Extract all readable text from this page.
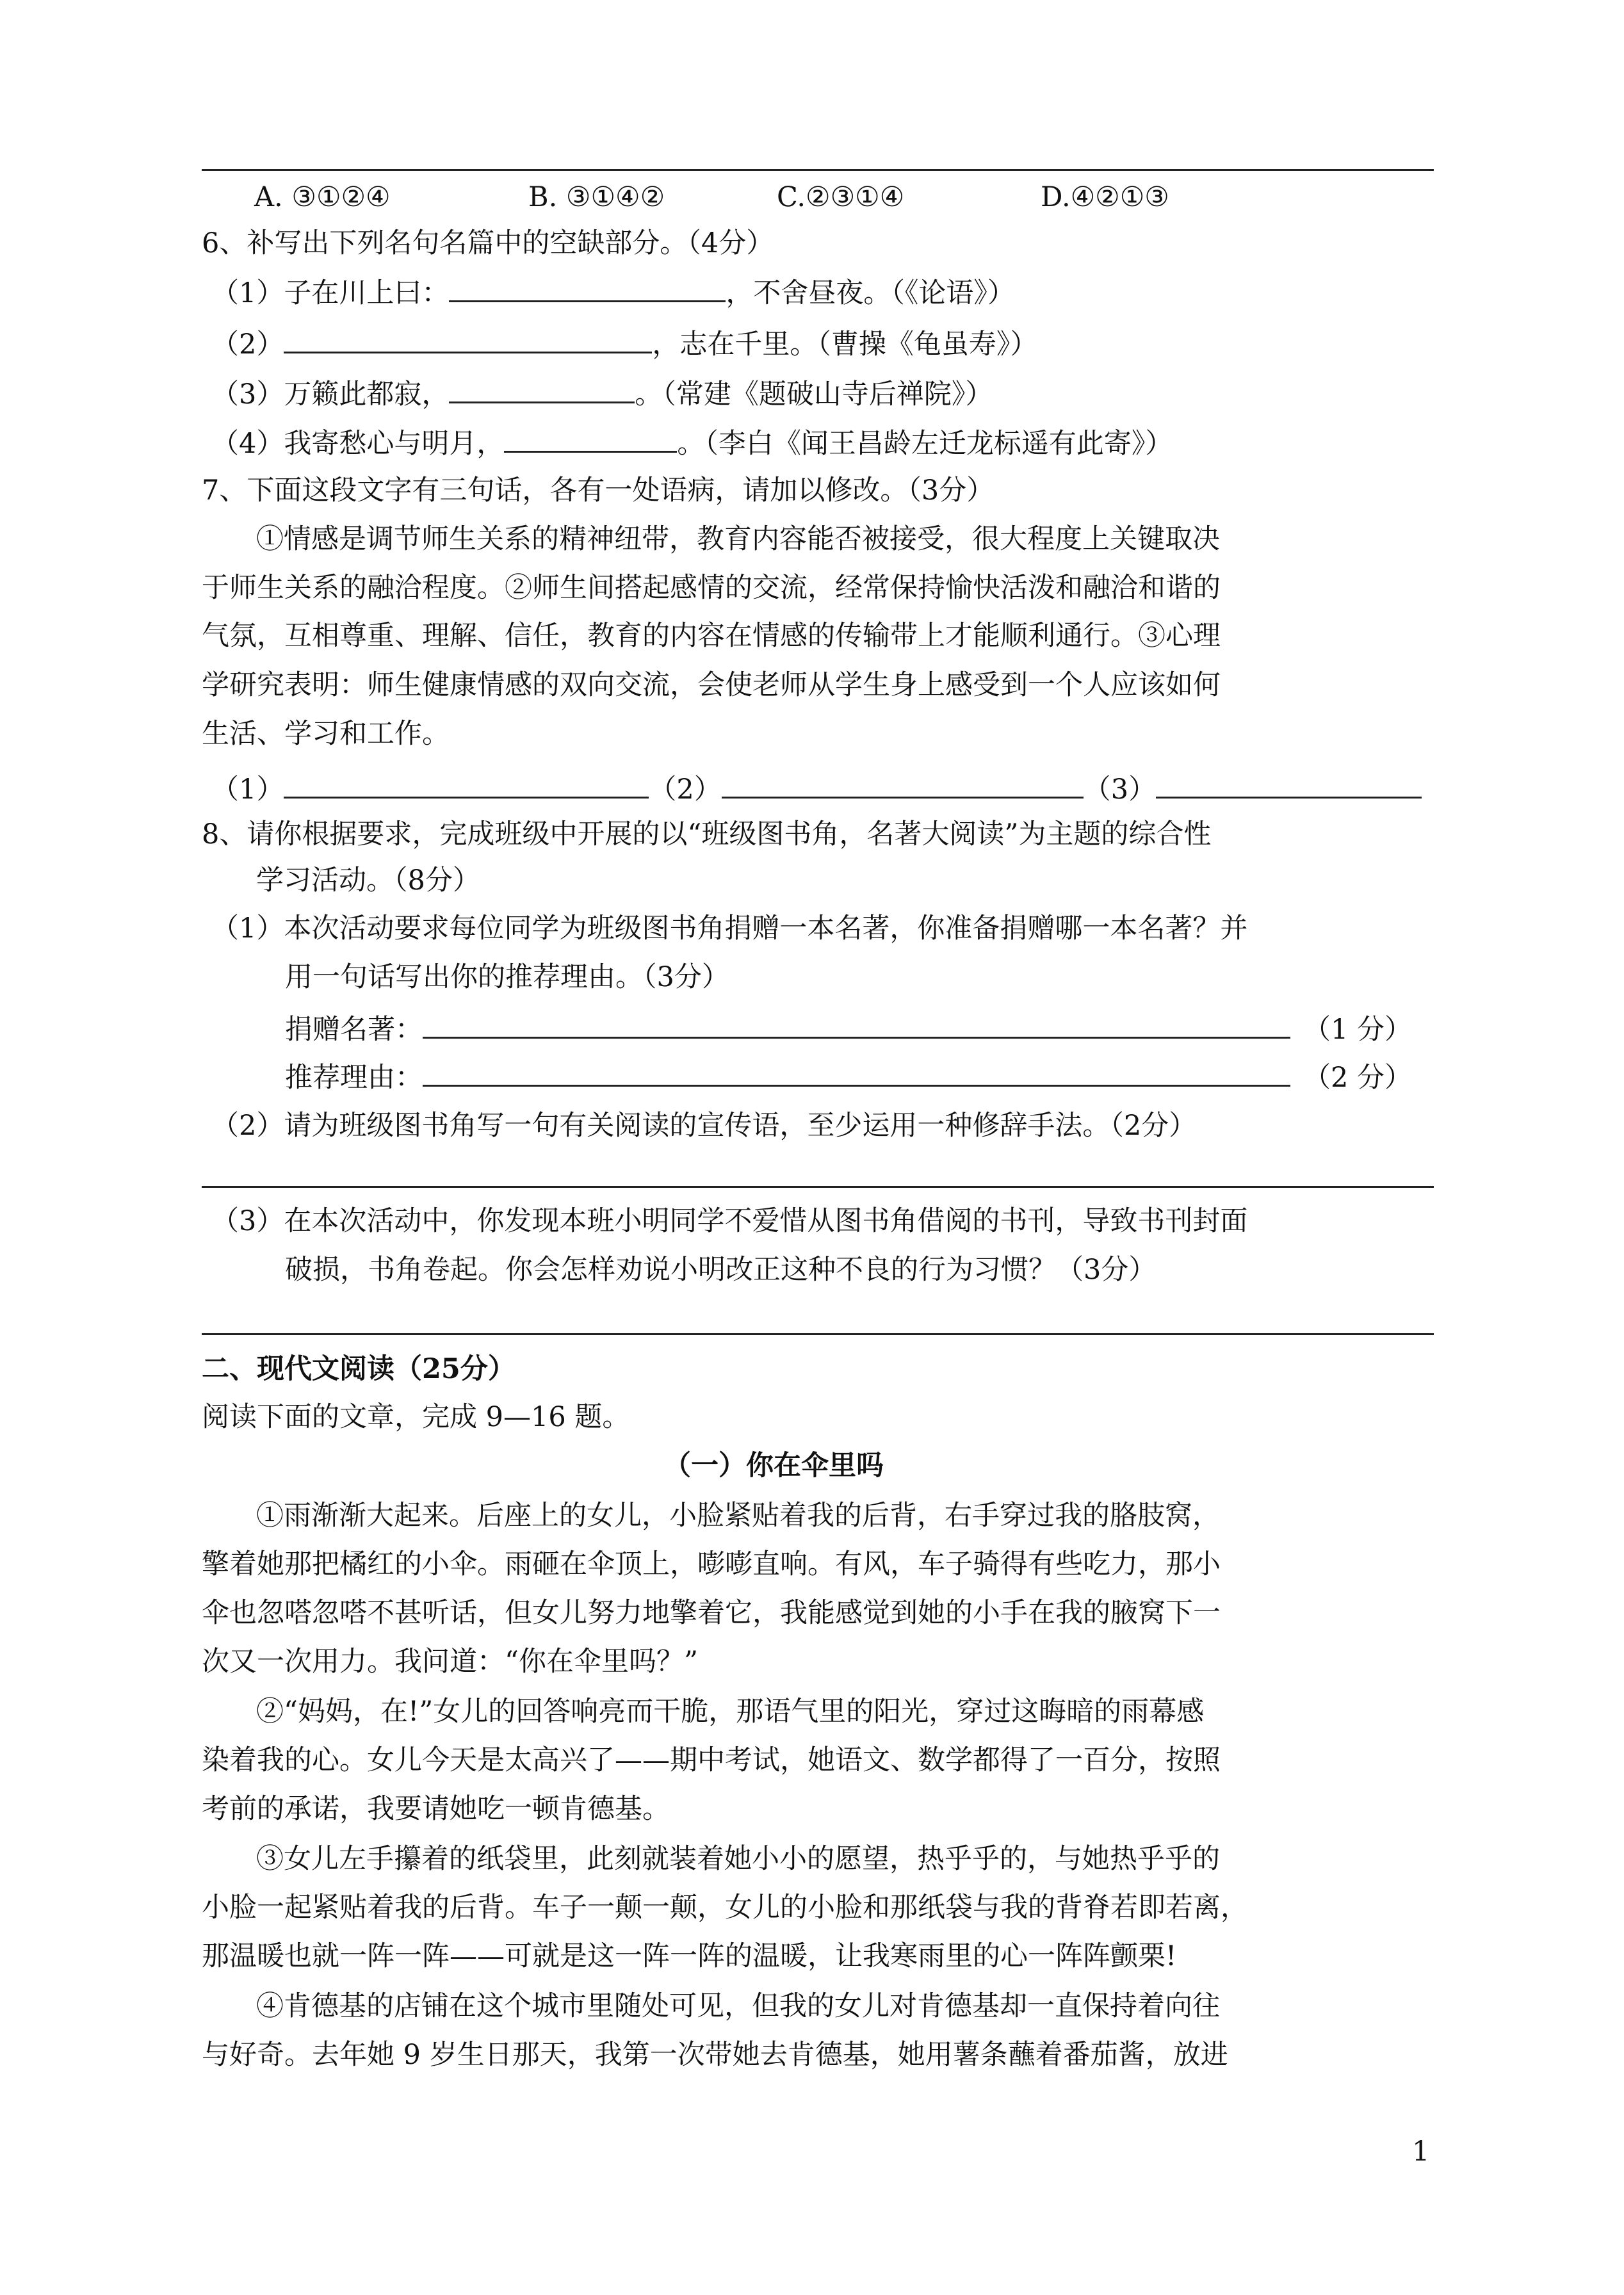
A. ③①②④	B. ③①④②	C.②③①④	D.④②①③
6、补写出下列名句名篇中的空缺部分。（4分）
（1）子在川上曰：	，不舍昼夜。（《论语》）
（2）	，志在千里。（曹操《龟虽寿》）
（3）万籁此都寂，	。（常建《题破山寺后禅院》）
（4）我寄愁心与明月，	。（李白《闻王昌龄左迁龙标遥有此寄》）
7、下面这段文字有三句话，各有一处语病，请加以修改。（3分）
①情感是调节师生关系的精神纽带，教育内容能否被接受，很大程度上关键取决
于师生关系的融洽程度。②师生间搭起感情的交流，经常保持愉快活泼和融洽和谐的
气氛，互相尊重、理解、信任，教育的内容在情感的传输带上才能顺利通行。③心理
学研究表明：师生健康情感的双向交流，会使老师从学生身上感受到一个人应该如何
生活、学习和工作。
（1）	（2）	（3）
8、请你根据要求，完成班级中开展的以“班级图书角，名著大阅读”为主题的综合性
学习活动。（8分）
（1）本次活动要求每位同学为班级图书角捐赠一本名著，你准备捐赠哪一本名著？并
用一句话写出你的推荐理由。（3分）
捐赠名著：	（1 分）
推荐理由：	（2 分）
（2）请为班级图书角写一句有关阅读的宣传语，至少运用一种修辞手法。（2分）
（3）在本次活动中，你发现本班小明同学不爱惜从图书角借阅的书刊，导致书刊封面
破损，书角卷起。你会怎样劝说小明改正这种不良的行为习惯？（3分）
二、现代文阅读（25分）
阅读下面的文章，完成 9—16 题。
（一）你在伞里吗
①雨渐渐大起来。后座上的女儿，小脸紧贴着我的后背，右手穿过我的胳肢窝，
擎着她那把橘红的小伞。雨砸在伞顶上，嘭嘭直响。有风，车子骑得有些吃力，那小
伞也忽嗒忽嗒不甚听话，但女儿努力地擎着它，我能感觉到她的小手在我的腋窝下一
次又一次用力。我问道：“你在伞里吗？”
②“妈妈，在!”女儿的回答响亮而干脆，那语气里的阳光，穿过这晦暗的雨幕感
染着我的心。女儿今天是太高兴了——期中考试，她语文、数学都得了一百分，按照
考前的承诺，我要请她吃一顿肯德基。
③女儿左手攥着的纸袋里，此刻就装着她小小的愿望，热乎乎的，与她热乎乎的
小脸一起紧贴着我的后背。车子一颠一颠，女儿的小脸和那纸袋与我的背脊若即若离，
那温暖也就一阵一阵——可就是这一阵一阵的温暖，让我寒雨里的心一阵阵颤栗!
④肯德基的店铺在这个城市里随处可见，但我的女儿对肯德基却一直保持着向往
与好奇。去年她 9 岁生日那天，我第一次带她去肯德基，她用薯条蘸着番茄酱，放进
1
